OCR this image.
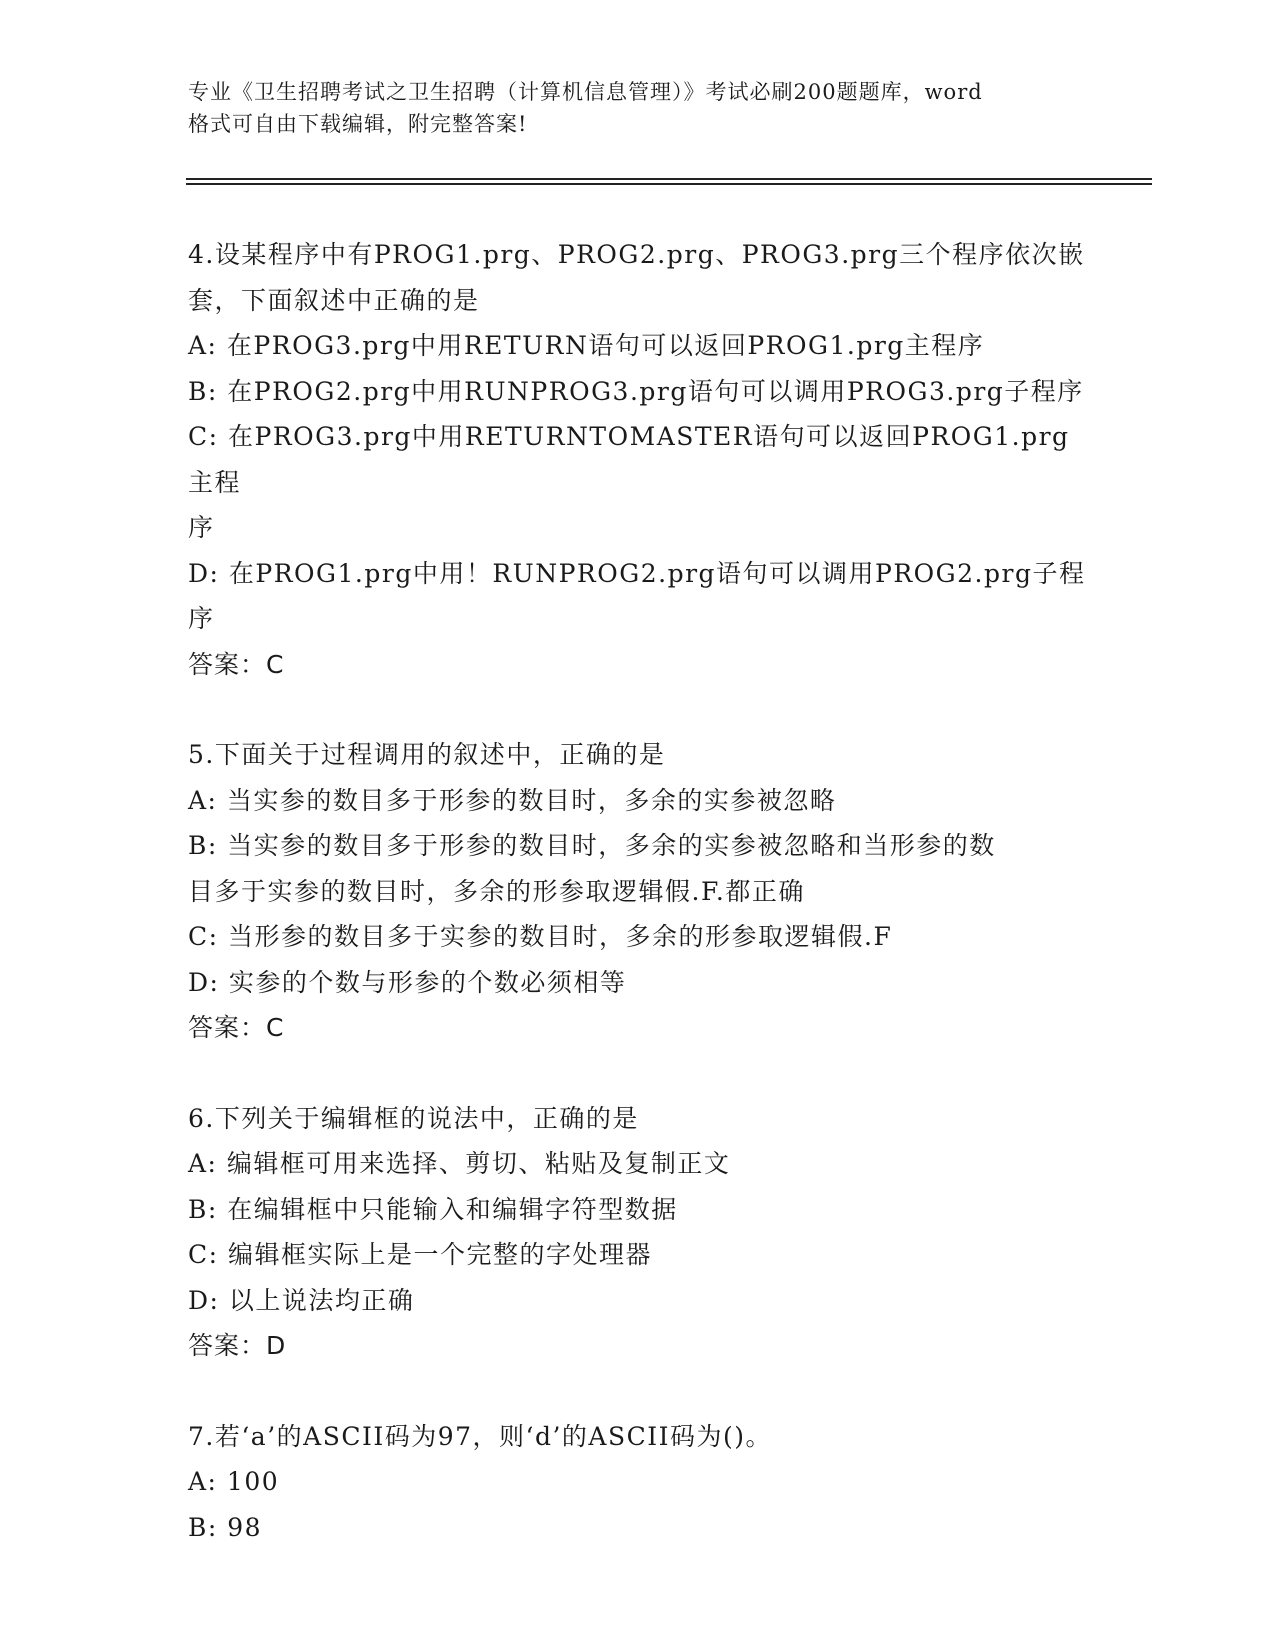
专业《卫生招聘考试之卫生招聘（计算机信息管理）》考试必刷200题题库，word
格式可自由下载编辑，附完整答案!
4.设某程序中有PROG1.prg、PROG2.prg、PROG3.prg三个程序依次嵌
套，下面叙述中正确的是
A: 在PROG3.prg中用RETURN语句可以返回PROG1.prg主程序
B: 在PROG2.prg中用RUNPROG3.prg语句可以调用PROG3.prg子程序
C: 在PROG3.prg中用RETURNTOMASTER语句可以返回PROG1.prg主程
序
D: 在PROG1.prg中用！RUNPROG2.prg语句可以调用PROG2.prg子程序
答案：C
5.下面关于过程调用的叙述中，正确的是
A: 当实参的数目多于形参的数目时，多余的实参被忽略
B: 当实参的数目多于形参的数目时，多余的实参被忽略和当形参的数
目多于实参的数目时，多余的形参取逻辑假.F.都正确
C: 当形参的数目多于实参的数目时，多余的形参取逻辑假.F
D: 实参的个数与形参的个数必须相等
答案：C
6.下列关于编辑框的说法中，正确的是
A: 编辑框可用来选择、剪切、粘贴及复制正文
B: 在编辑框中只能输入和编辑字符型数据
C: 编辑框实际上是一个完整的字处理器
D: 以上说法均正确
答案：D
7.若‘a’的ASCII码为97，则‘d’的ASCII码为()。
A: 100
B: 98
